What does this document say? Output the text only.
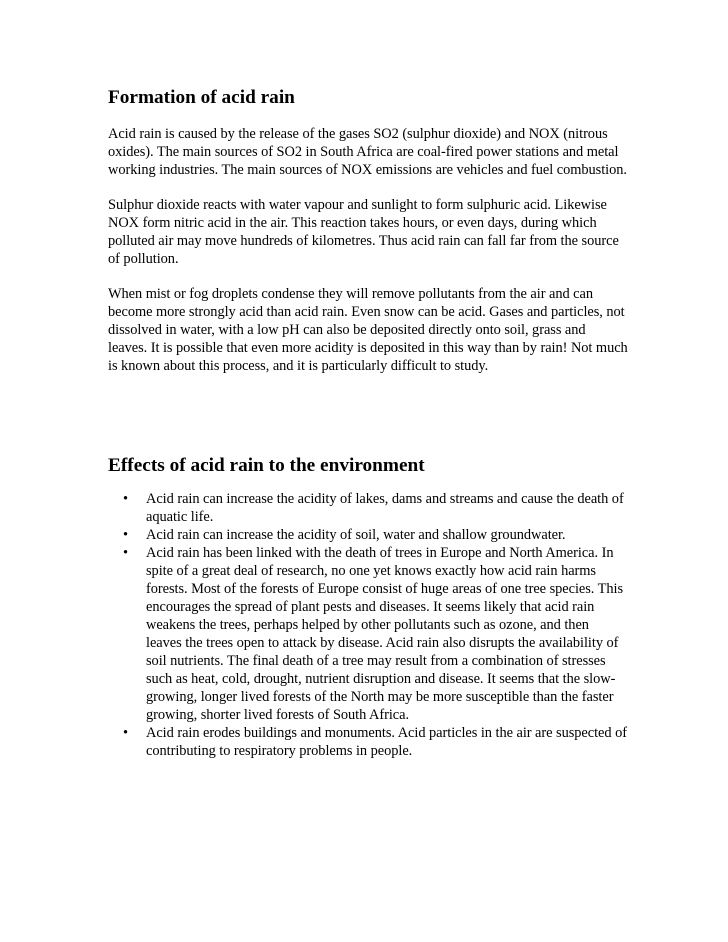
Formation of acid rain

Acid rain is caused by the release of the gases SO2 (sulphur dioxide) and NOX (nitrous oxides). The main sources of SO2 in South Africa are coal-fired power stations and metal working industries. The main sources of NOX emissions are vehicles and fuel combustion.

Sulphur dioxide reacts with water vapour and sunlight to form sulphuric acid. Likewise NOX form nitric acid in the air. This reaction takes hours, or even days, during which polluted air may move hundreds of kilometres. Thus acid rain can fall far from the source of pollution.

When mist or fog droplets condense they will remove pollutants from the air and can become more strongly acid than acid rain. Even snow can be acid. Gases and particles, not dissolved in water, with a low pH can also be deposited directly onto soil, grass and leaves. It is possible that even more acidity is deposited in this way than by rain! Not much is known about this process, and it is particularly difficult to study.

Effects of acid rain to the environment
• Acid rain can increase the acidity of lakes, dams and streams and cause the death of aquatic life.
• Acid rain can increase the acidity of soil, water and shallow groundwater.
• Acid rain has been linked with the death of trees in Europe and North America. In spite of a great deal of research, no one yet knows exactly how acid rain harms forests. Most of the forests of Europe consist of huge areas of one tree species. This encourages the spread of plant pests and diseases. It seems likely that acid rain weakens the trees, perhaps helped by other pollutants such as ozone, and then leaves the trees open to attack by disease. Acid rain also disrupts the availability of soil nutrients. The final death of a tree may result from a combination of stresses such as heat, cold, drought, nutrient disruption and disease. It seems that the slow-growing, longer lived forests of the North may be more susceptible than the faster growing, shorter lived forests of South Africa.
• Acid rain erodes buildings and monuments. Acid particles in the air are suspected of contributing to respiratory problems in people.
